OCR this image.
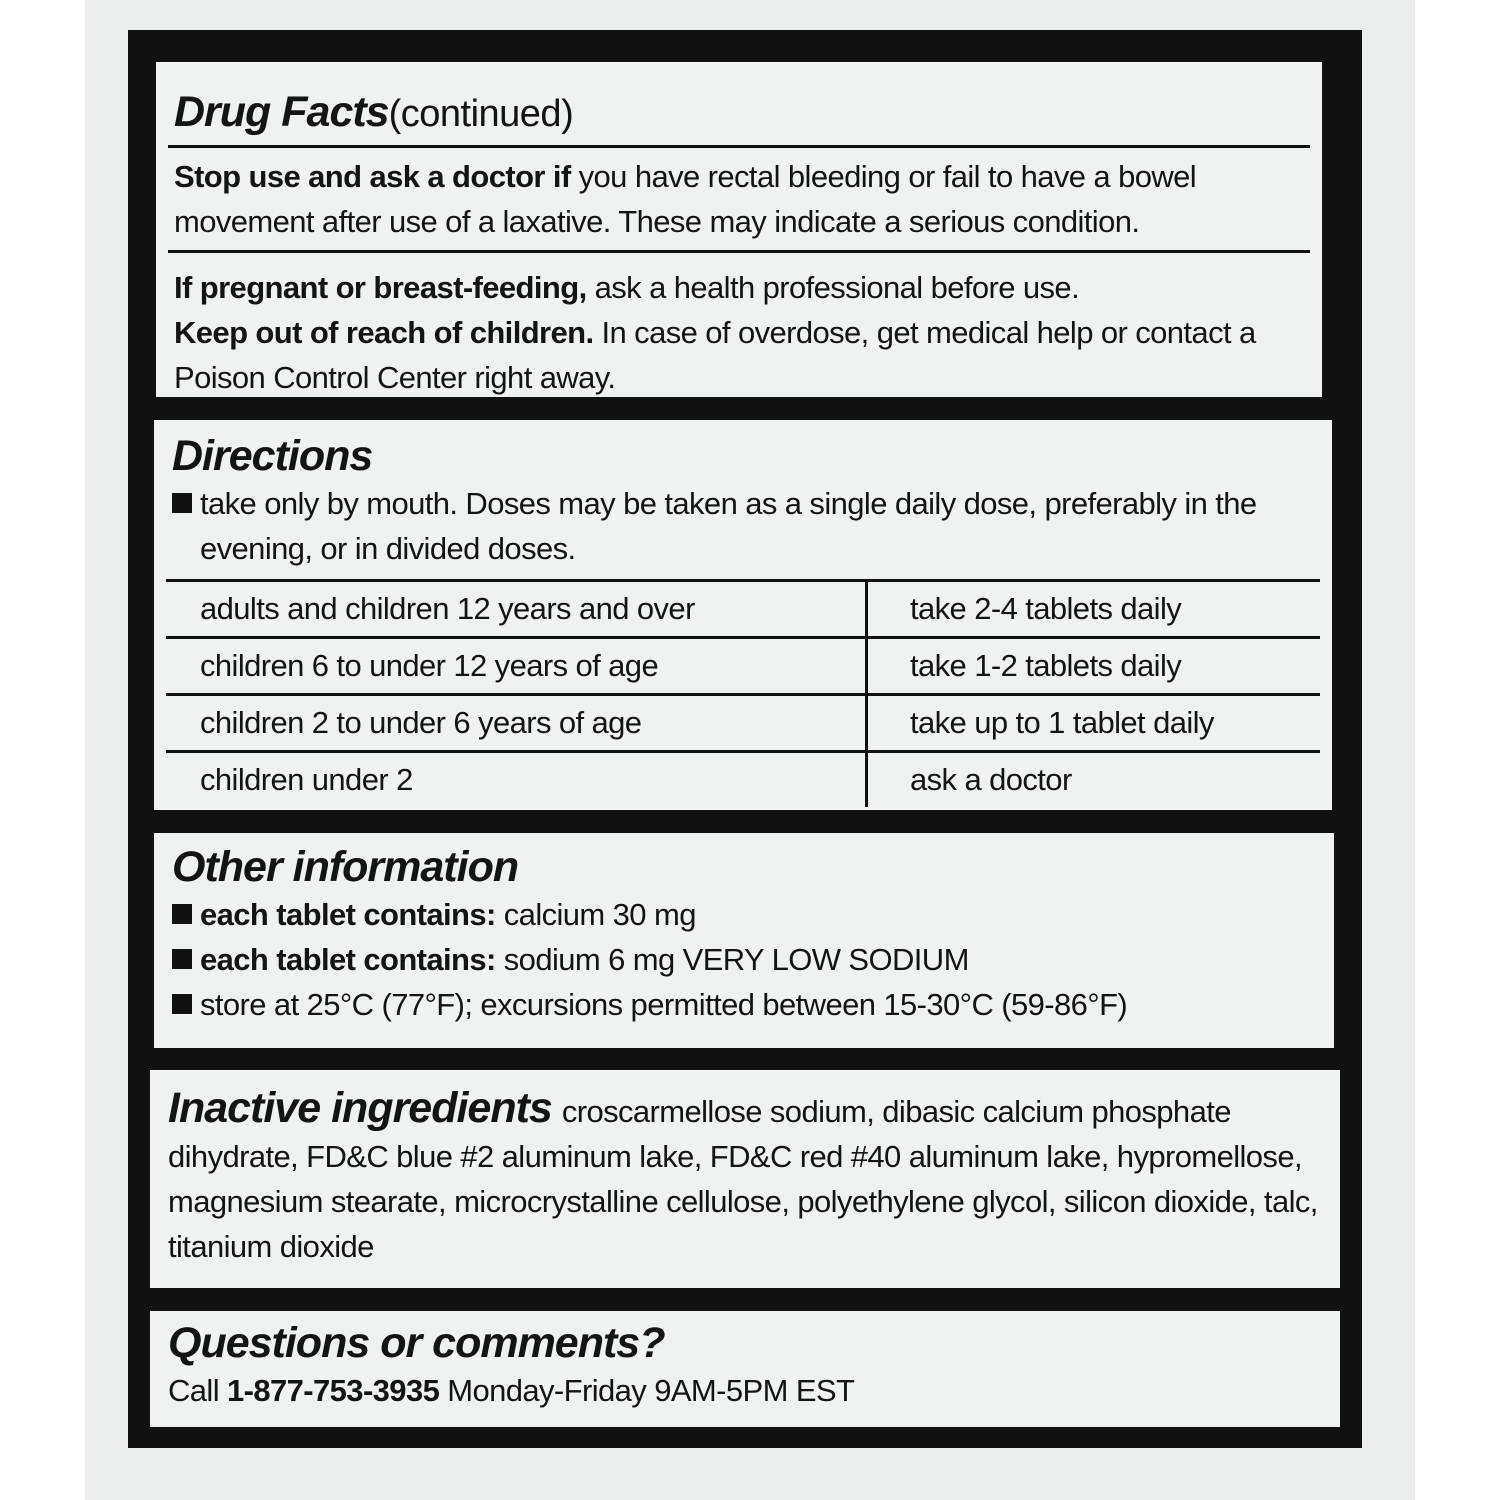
Drug Facts(continued)
Stop use and ask a doctor if you have rectal bleeding or fail to have a bowel movement after use of a laxative. These may indicate a serious condition.
If pregnant or breast-feeding, ask a health professional before use.
Keep out of reach of children. In case of overdose, get medical help or contact a Poison Control Center right away.
Directions
take only by mouth. Doses may be taken as a single daily dose, preferably in the evening, or in divided doses.
adults and children 12 years and over	take 2-4 tablets daily
children 6 to under 12 years of age	take 1-2 tablets daily
children 2 to under 6 years of age	take up to 1 tablet daily
children under 2	ask a doctor
Other information
each tablet contains: calcium 30 mg
each tablet contains: sodium 6 mg VERY LOW SODIUM
store at 25°C (77°F); excursions permitted between 15-30°C (59-86°F)
Inactive ingredients croscarmellose sodium, dibasic calcium phosphate dihydrate, FD&C blue #2 aluminum lake, FD&C red #40 aluminum lake, hypromellose, magnesium stearate, microcrystalline cellulose, polyethylene glycol, silicon dioxide, talc, titanium dioxide
Questions or comments?
Call 1-877-753-3935 Monday-Friday 9AM-5PM EST
